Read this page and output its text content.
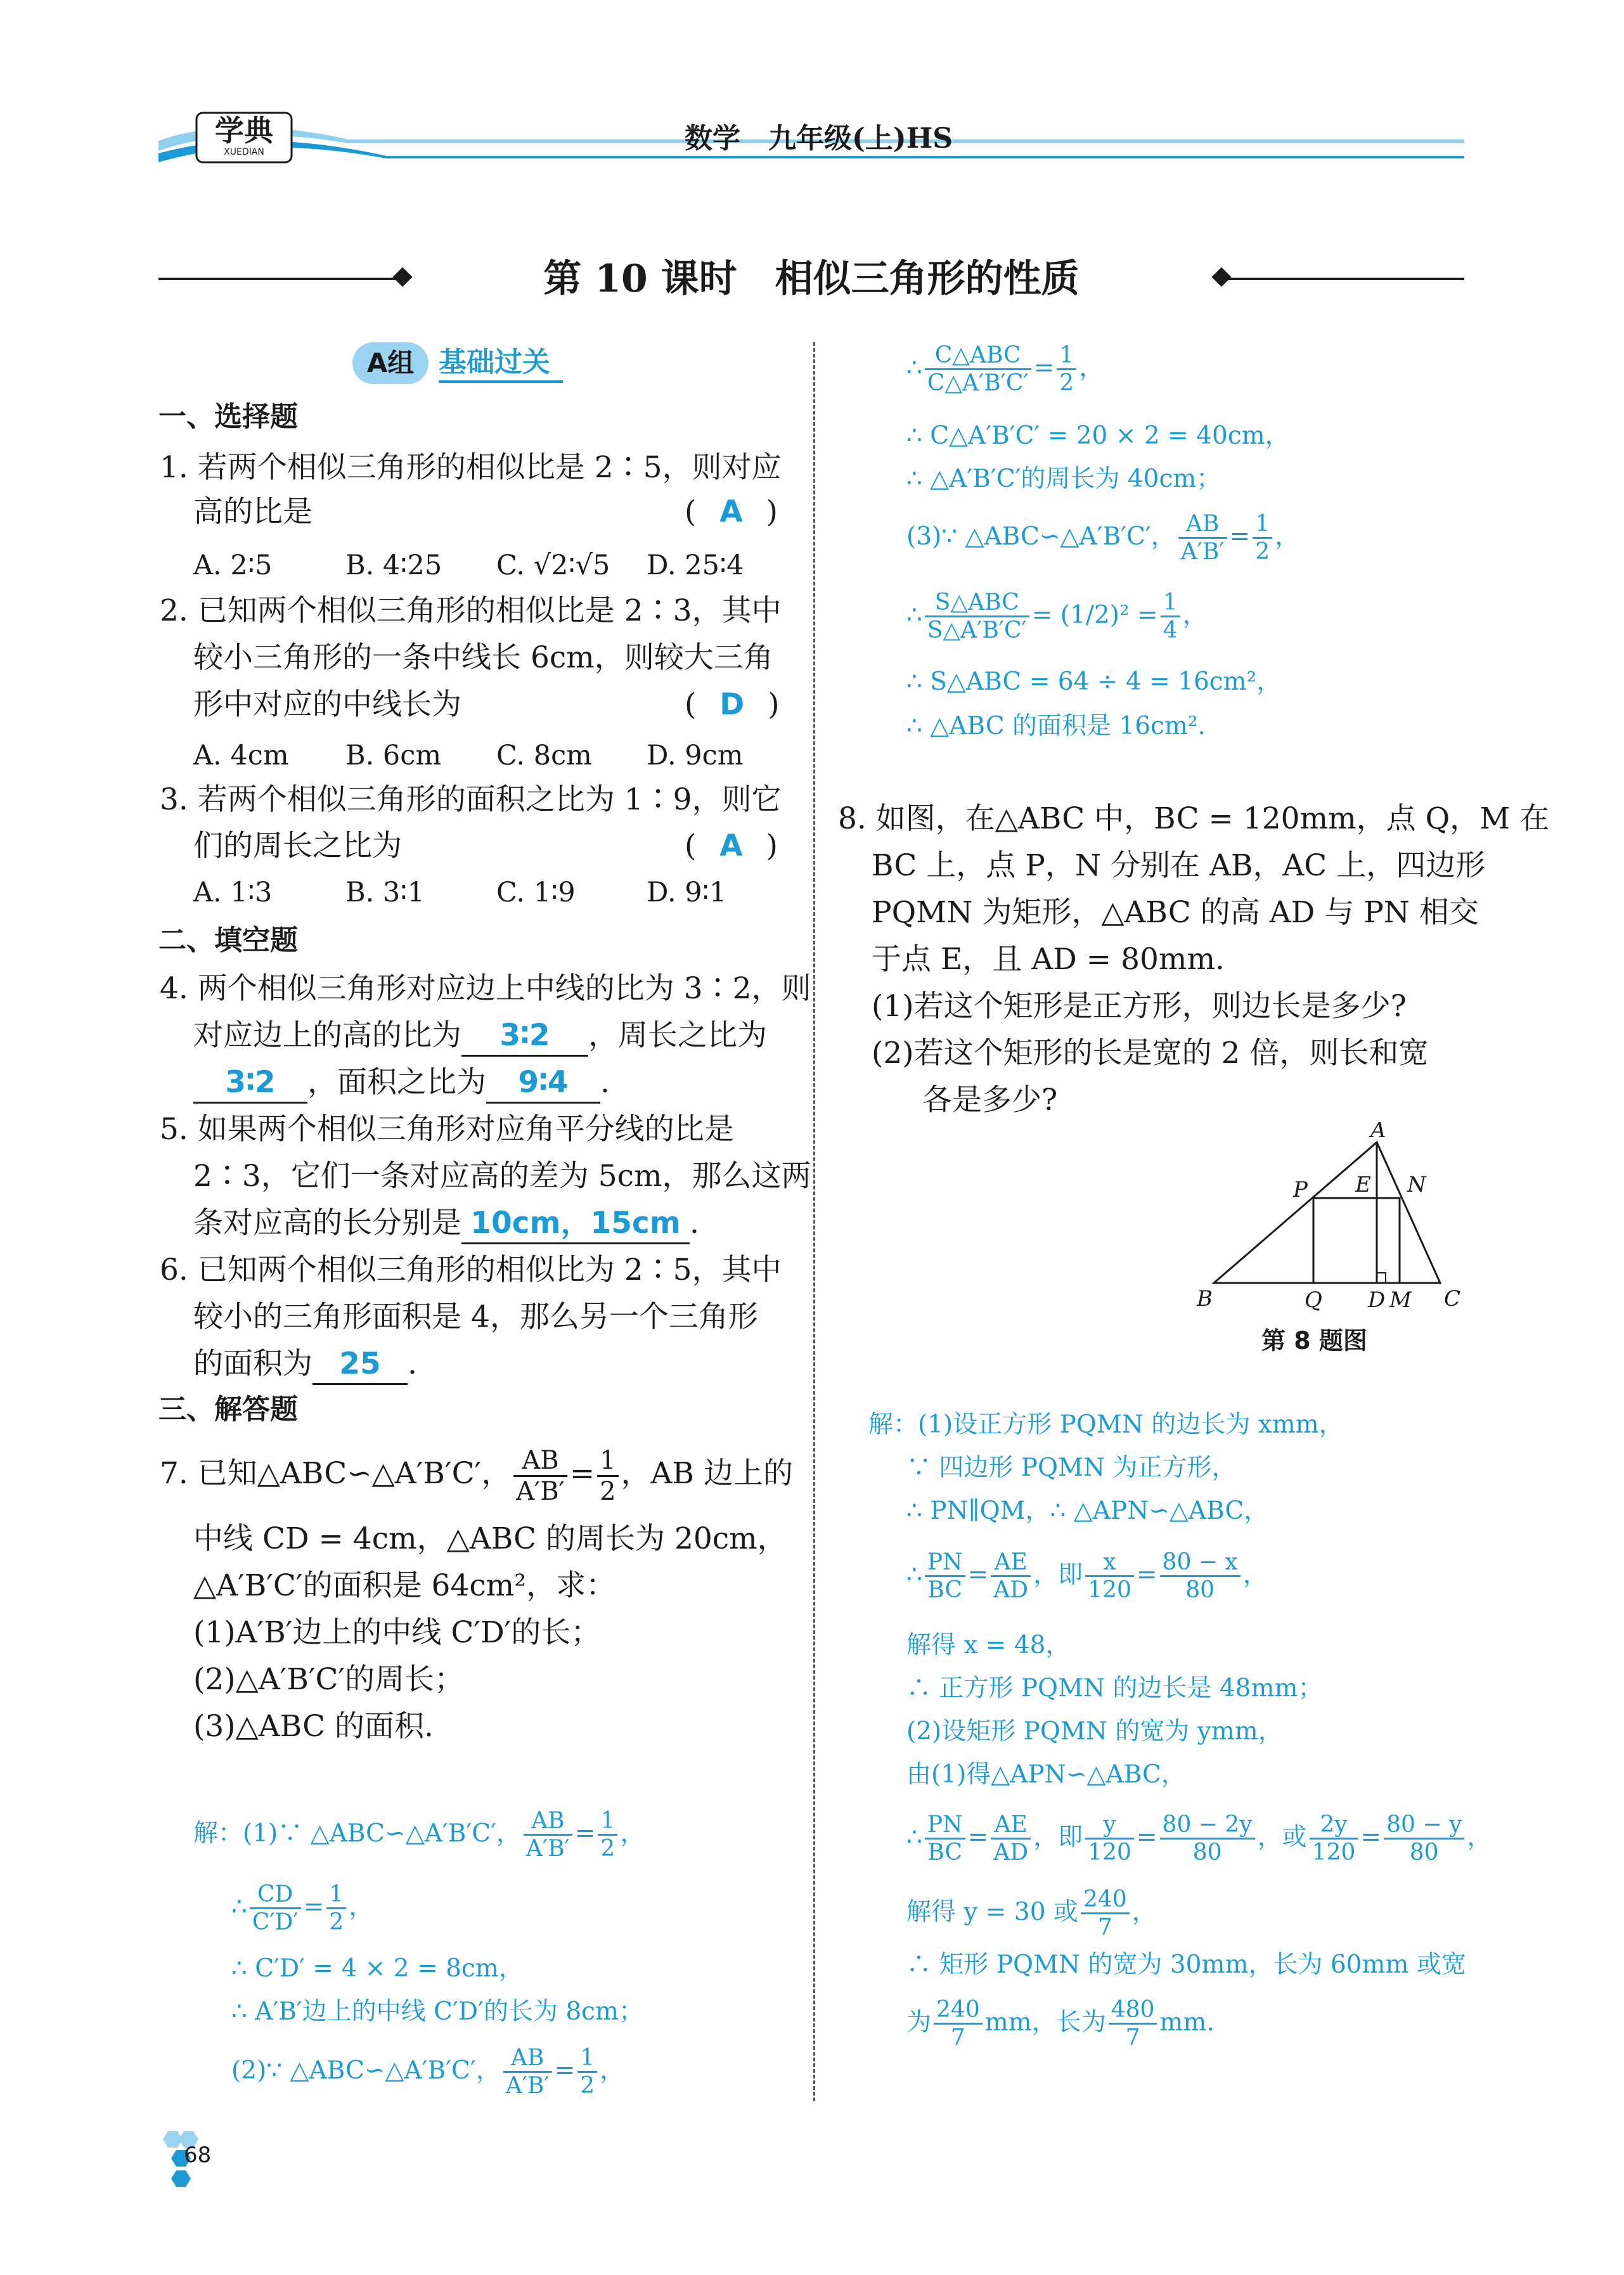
学典
XUEDIAN	数学　九年级(上)HS
第 10 课时　相似三角形的性质
A组 基础过关
一、选择题
1. 若两个相似三角形的相似比是 2∶5，则对应
高的比是	( A )
A. 2∶5	B. 4∶25 C. √2∶√5 D. 25∶4
2. 已知两个相似三角形的相似比是 2∶3，其中
较小三角形的一条中线长 6cm，则较大三角
形中对应的中线长为	( D )
A. 4cm B. 6cm C. 8cm D. 9cm
3. 若两个相似三角形的面积之比为 1∶9，则它
们的周长之比为	( A )
A. 1∶3	B. 3∶1	C. 1∶9	D. 9∶1
二、填空题
4. 两个相似三角形对应边上中线的比为 3∶2，则
对应边上的高的比为 3∶2 ，周长之比为
3∶2 ，面积之比为 9∶4 .
5. 如果两个相似三角形对应角平分线的比是
2∶3，它们一条对应高的差为 5cm，那么这两
条对应高的长分别是 10cm，15cm .
6. 已知两个相似三角形的相似比为 2∶5，其中
较小的三角形面积是 4，那么另一个三角形
的面积为 25 .
三、解答题
7. 已知△ABC∽△A′B′C′， $\frac{AB}{A'B'} = \frac{1}{2}$ ，AB 边上的
中线 CD = 4cm，△ABC 的周长为 20cm，
△A′B′C′的面积是 64cm²，求：
(1)A′B′边上的中线 C′D′的长；
(2)△A′B′C′的周长；
(3)△ABC 的面积.
解：(1)∵ △ABC∽△A′B′C′， $\frac{AB}{A'B'} = \frac{1}{2}$ ，
∴ $\frac{CD}{C'D'} = \frac{1}{2}$ ，
∴ C′D′ = 4 × 2 = 8cm，
∴ A′B′边上的中线 C′D′的长为 8cm；
(2)∵ △ABC∽△A′B′C′， $\frac{AB}{A'B'} = \frac{1}{2}$ ，
∴ $\frac{\text{C△ABC}}{C\triangle A'B'C'} = \frac{1}{2}$ ，
∴ C△A′B′C′ = 20 × 2 = 40cm，
∴ △A′B′C′的周长为 40cm；
(3)∵ △ABC∽△A′B′C′， $\frac{AB}{A'B'} = \frac{1}{2}$ ，
∴ $\frac{\text{S△ABC}}{S\triangle A'B'C'} = (1/2)^2 = \frac{1}{4}$ ，
∴ S△ABC = 64 ÷ 4 = 16cm²，
∴ △ABC 的面积是 16cm².
8. 如图，在△ABC 中，BC = 120mm，点 Q，M 在
BC 上，点 P，N 分别在 AB，AC 上，四边形
PQMN 为矩形，△ABC 的高 AD 与 PN 相交
于点 E，且 AD = 80mm.
(1)若这个矩形是正方形，则边长是多少?
(2)若这个矩形的长是宽的 2 倍，则长和宽
各是多少?
A
P E N
B	Q D M C
第 8 题图
解：(1)设正方形 PQMN 的边长为 xmm，
∵ 四边形 PQMN 为正方形，
∴ PN∥QM，∴ △APN∽△ABC，
∴ $\frac{PN}{BC} = \frac{AE}{AD}$ ，即 $\frac{x}{120} = \frac{80 - x}{80}$ ，
解得 x = 48，
∴ 正方形 PQMN 的边长是 48mm；
(2)设矩形 PQMN 的宽为 ymm，
由(1)得△APN∽△ABC，
∴ $\frac{PN}{BC} = \frac{AE}{AD}$ ，即 $\frac{y}{120} = \frac{80 - 2y}{80}$ ，或 $\frac{2y}{120} = \frac{80 - y}{80}$ ，
解得 y = 30 或 $\frac{240}{7}$ ，
∴ 矩形 PQMN 的宽为 30mm，长为 60mm 或宽
为 $\frac{240}{7}$ mm，长为 $\frac{480}{7}$ mm.
68
